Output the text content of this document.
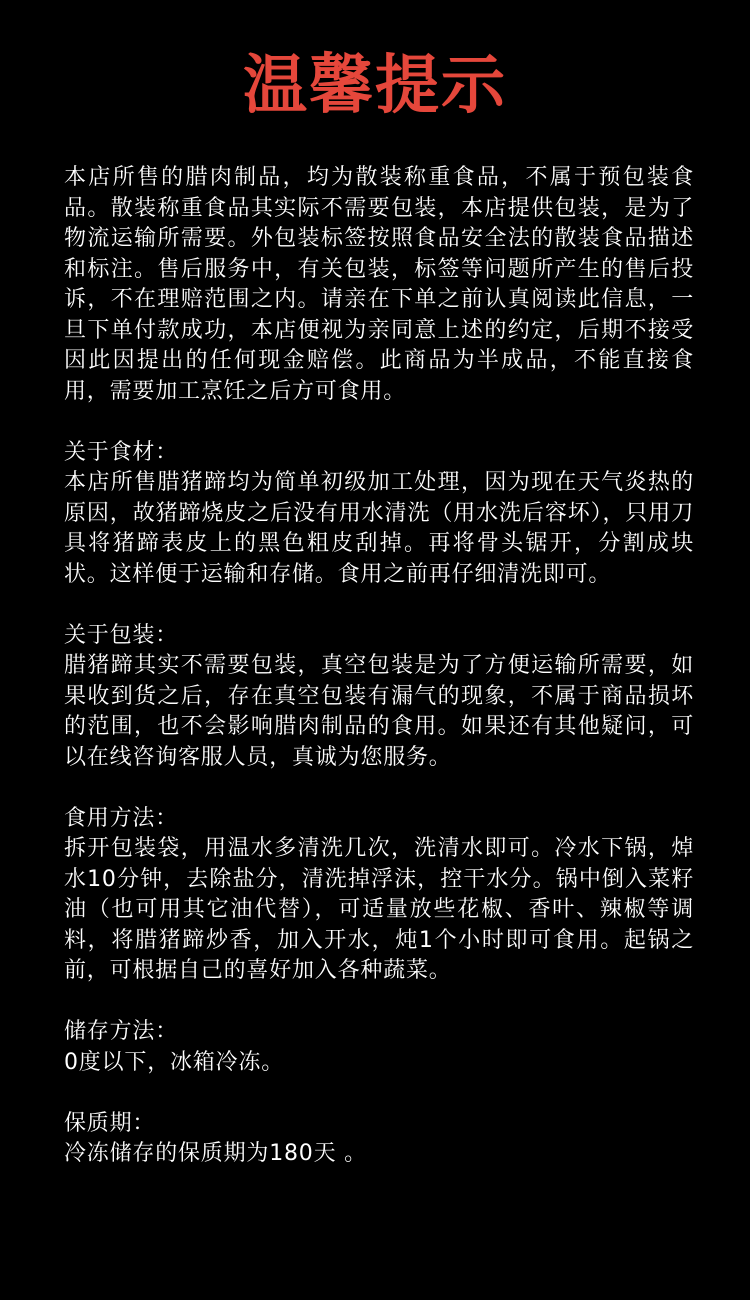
温馨提示

本店所售的腊肉制品，均为散装称重食品，不属于预包装食品。散装称重食品其实际不需要包装，本店提供包装，是为了物流运输所需要。外包装标签按照食品安全法的散装食品描述和标注。售后服务中，有关包装，标签等问题所产生的售后投诉，不在理赔范围之内。请亲在下单之前认真阅读此信息，一旦下单付款成功，本店便视为亲同意上述的约定，后期不接受因此因提出的任何现金赔偿。此商品为半成品，不能直接食用，需要加工烹饪之后方可食用。

关于食材：

本店所售腊猪蹄均为简单初级加工处理，因为现在天气炎热的原因，故猪蹄烧皮之后没有用水清洗（用水洗后容坏），只用刀具将猪蹄表皮上的黑色粗皮刮掉。再将骨头锯开，分割成块状。这样便于运输和存储。食用之前再仔细清洗即可。

关于包装：

腊猪蹄其实不需要包装，真空包装是为了方便运输所需要，如果收到货之后，存在真空包装有漏气的现象，不属于商品损坏的范围，也不会影响腊肉制品的食用。如果还有其他疑问，可以在线咨询客服人员，真诚为您服务。

食用方法：

拆开包装袋，用温水多清洗几次，洗清水即可。冷水下锅，焯水10分钟，去除盐分，清洗掉浮沫，控干水分。锅中倒入菜籽油（也可用其它油代替），可适量放些花椒、香叶、辣椒等调料，将腊猪蹄炒香，加入开水，炖1个小时即可食用。起锅之前，可根据自己的喜好加入各种蔬菜。

储存方法：

0度以下，冰箱冷冻。

保质期：

冷冻储存的保质期为180天 。
